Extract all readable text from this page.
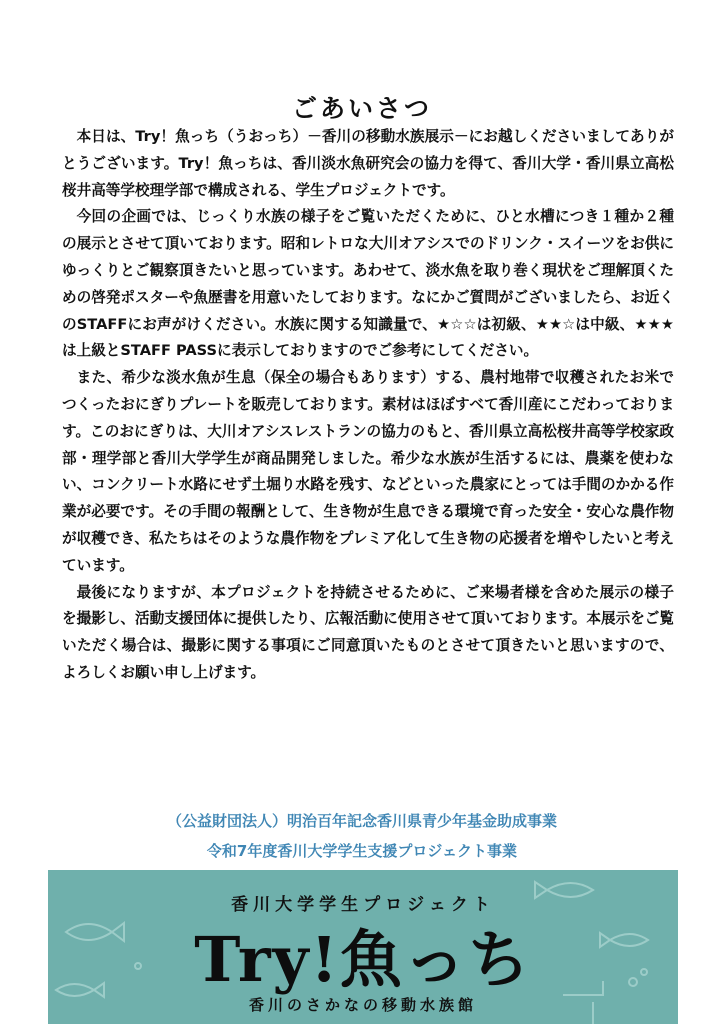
ごあいさつ

本日は、Try！魚っち（うおっち）－香川の移動水族展示－にお越しくださいましてありがとうございます。Try！魚っちは、香川淡水魚研究会の協力を得て、香川大学・香川県立高松桜井高等学校理学部で構成される、学生プロジェクトです。

今回の企画では、じっくり水族の様子をご覧いただくために、ひと水槽につき１種か２種の展示とさせて頂いております。昭和レトロな大川オアシスでのドリンク・スイーツをお供にゆっくりとご観察頂きたいと思っています。あわせて、淡水魚を取り巻く現状をご理解頂くための啓発ポスターや魚歴書を用意いたしております。なにかご質問がございましたら、お近くのSTAFFにお声がけください。水族に関する知識量で、★☆☆は初級、★★☆は中級、★★★は上級とSTAFF PASSに表示しておりますのでご参考にしてください。

また、希少な淡水魚が生息（保全の場合もあります）する、農村地帯で収穫されたお米でつくったおにぎりプレートを販売しております。素材はほぼすべて香川産にこだわっております。このおにぎりは、大川オアシスレストランの協力のもと、香川県立高松桜井高等学校家政部・理学部と香川大学学生が商品開発しました。希少な水族が生活するには、農薬を使わない、コンクリート水路にせず土堀り水路を残す、などといった農家にとっては手間のかかる作業が必要です。その手間の報酬として、生き物が生息できる環境で育った安全・安心な農作物が収穫でき、私たちはそのような農作物をプレミア化して生き物の応援者を増やしたいと考えています。

最後になりますが、本プロジェクトを持続させるために、ご来場者様を含めた展示の様子を撮影し、活動支援団体に提供したり、広報活動に使用させて頂いております。本展示をご覧いただく場合は、撮影に関する事項にご同意頂いたものとさせて頂きたいと思いますので、よろしくお願い申し上げます。

（公益財団法人）明治百年記念香川県青少年基金助成事業
令和7年度香川大学学生支援プロジェクト事業
香川大学学生プロジェクト
Try!魚っち
香川のさかなの移動水族館
